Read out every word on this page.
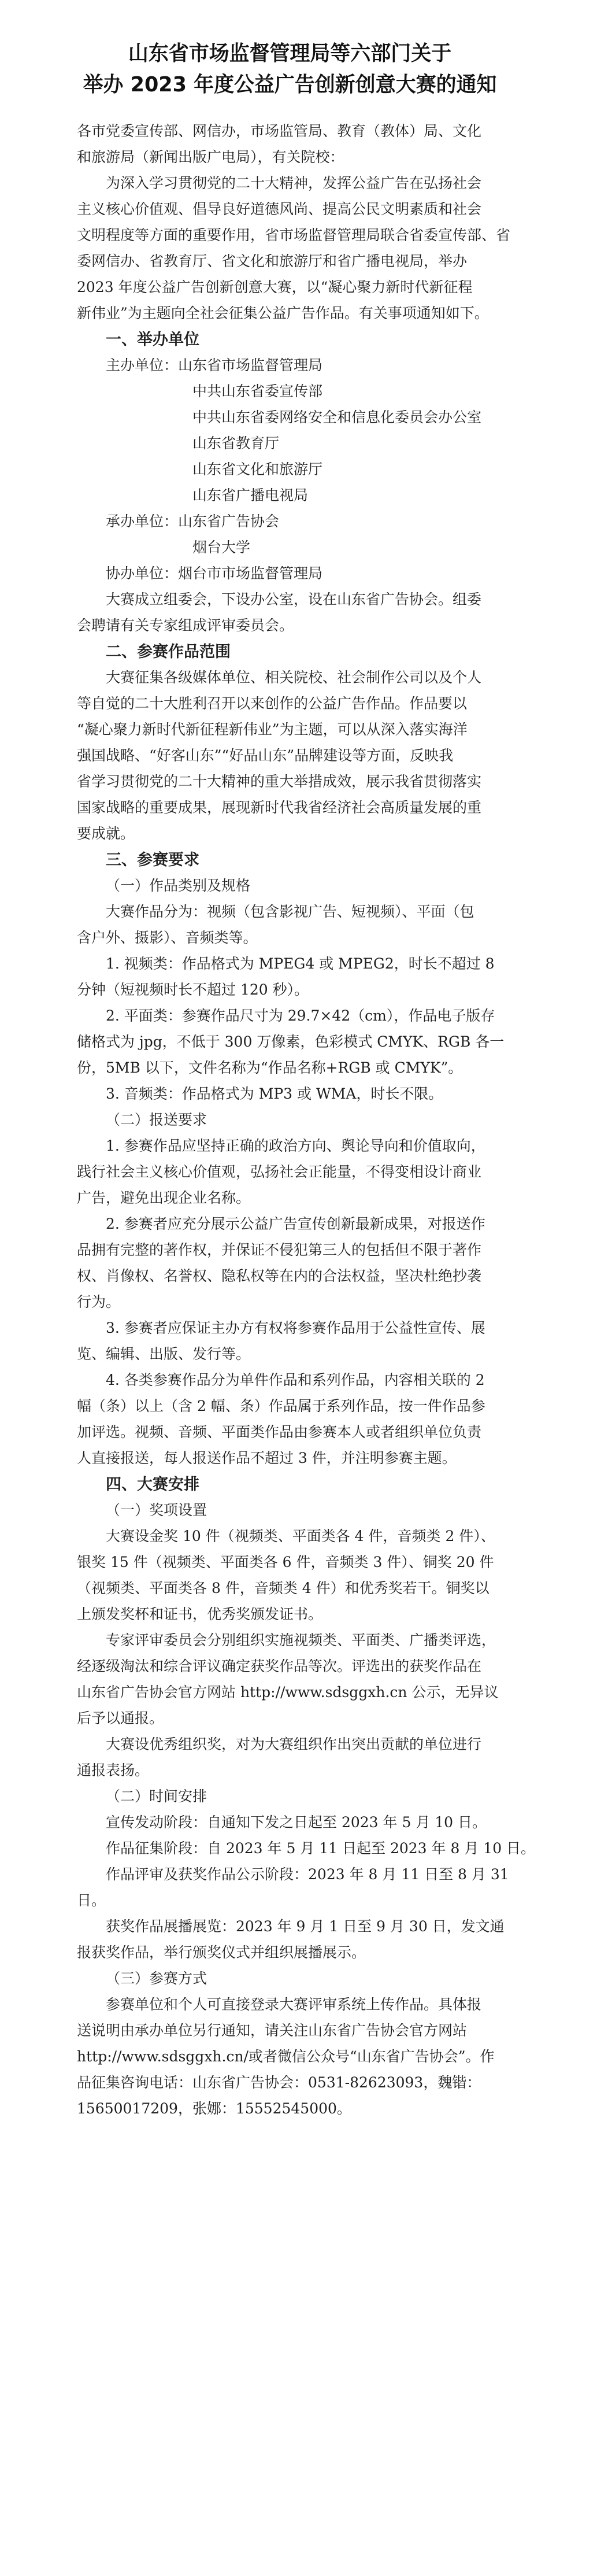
山东省市场监督管理局等六部门关于
举办 2023 年度公益广告创新创意大赛的通知
各市党委宣传部、网信办，市场监管局、教育（教体）局、文化
和旅游局（新闻出版广电局），有关院校：
为深入学习贯彻党的二十大精神，发挥公益广告在弘扬社会
主义核心价值观、倡导良好道德风尚、提高公民文明素质和社会
文明程度等方面的重要作用，省市场监督管理局联合省委宣传部、省
委网信办、省教育厅、省文化和旅游厅和省广播电视局，举办
2023 年度公益广告创新创意大赛，以“凝心聚力新时代新征程
新伟业”为主题向全社会征集公益广告作品。有关事项通知如下。
一、举办单位
主办单位：山东省市场监督管理局
中共山东省委宣传部
中共山东省委网络安全和信息化委员会办公室
山东省教育厅
山东省文化和旅游厅
山东省广播电视局
承办单位：山东省广告协会
烟台大学
协办单位：烟台市市场监督管理局
大赛成立组委会，下设办公室，设在山东省广告协会。组委
会聘请有关专家组成评审委员会。
二、参赛作品范围
大赛征集各级媒体单位、相关院校、社会制作公司以及个人
等自觉的二十大胜利召开以来创作的公益广告作品。作品要以
“凝心聚力新时代新征程新伟业”为主题，可以从深入落实海洋
强国战略、“好客山东”“好品山东”品牌建设等方面，反映我
省学习贯彻党的二十大精神的重大举措成效，展示我省贯彻落实
国家战略的重要成果，展现新时代我省经济社会高质量发展的重
要成就。
三、参赛要求
（一）作品类别及规格
大赛作品分为：视频（包含影视广告、短视频）、平面（包
含户外、摄影）、音频类等。
1. 视频类：作品格式为 MPEG4 或 MPEG2，时长不超过 8
分钟（短视频时长不超过 120 秒）。
2. 平面类：参赛作品尺寸为 29.7×42（cm），作品电子版存
储格式为 jpg，不低于 300 万像素，色彩模式 CMYK、RGB 各一
份，5MB 以下，文件名称为“作品名称+RGB 或 CMYK”。
3. 音频类：作品格式为 MP3 或 WMA，时长不限。
（二）报送要求
1. 参赛作品应坚持正确的政治方向、舆论导向和价值取向，
践行社会主义核心价值观，弘扬社会正能量，不得变相设计商业
广告，避免出现企业名称。
2. 参赛者应充分展示公益广告宣传创新最新成果，对报送作
品拥有完整的著作权，并保证不侵犯第三人的包括但不限于著作
权、肖像权、名誉权、隐私权等在内的合法权益，坚决杜绝抄袭
行为。
3. 参赛者应保证主办方有权将参赛作品用于公益性宣传、展
览、编辑、出版、发行等。
4. 各类参赛作品分为单件作品和系列作品，内容相关联的 2
幅（条）以上（含 2 幅、条）作品属于系列作品，按一件作品参
加评选。视频、音频、平面类作品由参赛本人或者组织单位负责
人直接报送，每人报送作品不超过 3 件，并注明参赛主题。
四、大赛安排
（一）奖项设置
大赛设金奖 10 件（视频类、平面类各 4 件，音频类 2 件）、
银奖 15 件（视频类、平面类各 6 件，音频类 3 件）、铜奖 20 件
（视频类、平面类各 8 件，音频类 4 件）和优秀奖若干。铜奖以
上颁发奖杯和证书，优秀奖颁发证书。
专家评审委员会分别组织实施视频类、平面类、广播类评选，
经逐级淘汰和综合评议确定获奖作品等次。评选出的获奖作品在
山东省广告协会官方网站 http://www.sdsggxh.cn 公示，无异议
后予以通报。
大赛设优秀组织奖，对为大赛组织作出突出贡献的单位进行
通报表扬。
（二）时间安排
宣传发动阶段：自通知下发之日起至 2023 年 5 月 10 日。
作品征集阶段：自 2023 年 5 月 11 日起至 2023 年 8 月 10 日。
作品评审及获奖作品公示阶段：2023 年 8 月 11 日至 8 月 31
日。
获奖作品展播展览：2023 年 9 月 1 日至 9 月 30 日，发文通
报获奖作品，举行颁奖仪式并组织展播展示。
（三）参赛方式
参赛单位和个人可直接登录大赛评审系统上传作品。具体报
送说明由承办单位另行通知，请关注山东省广告协会官方网站
http://www.sdsggxh.cn/或者微信公众号“山东省广告协会”。作
品征集咨询电话：山东省广告协会：0531-82623093，魏锴：
15650017209，张娜：15552545000。
